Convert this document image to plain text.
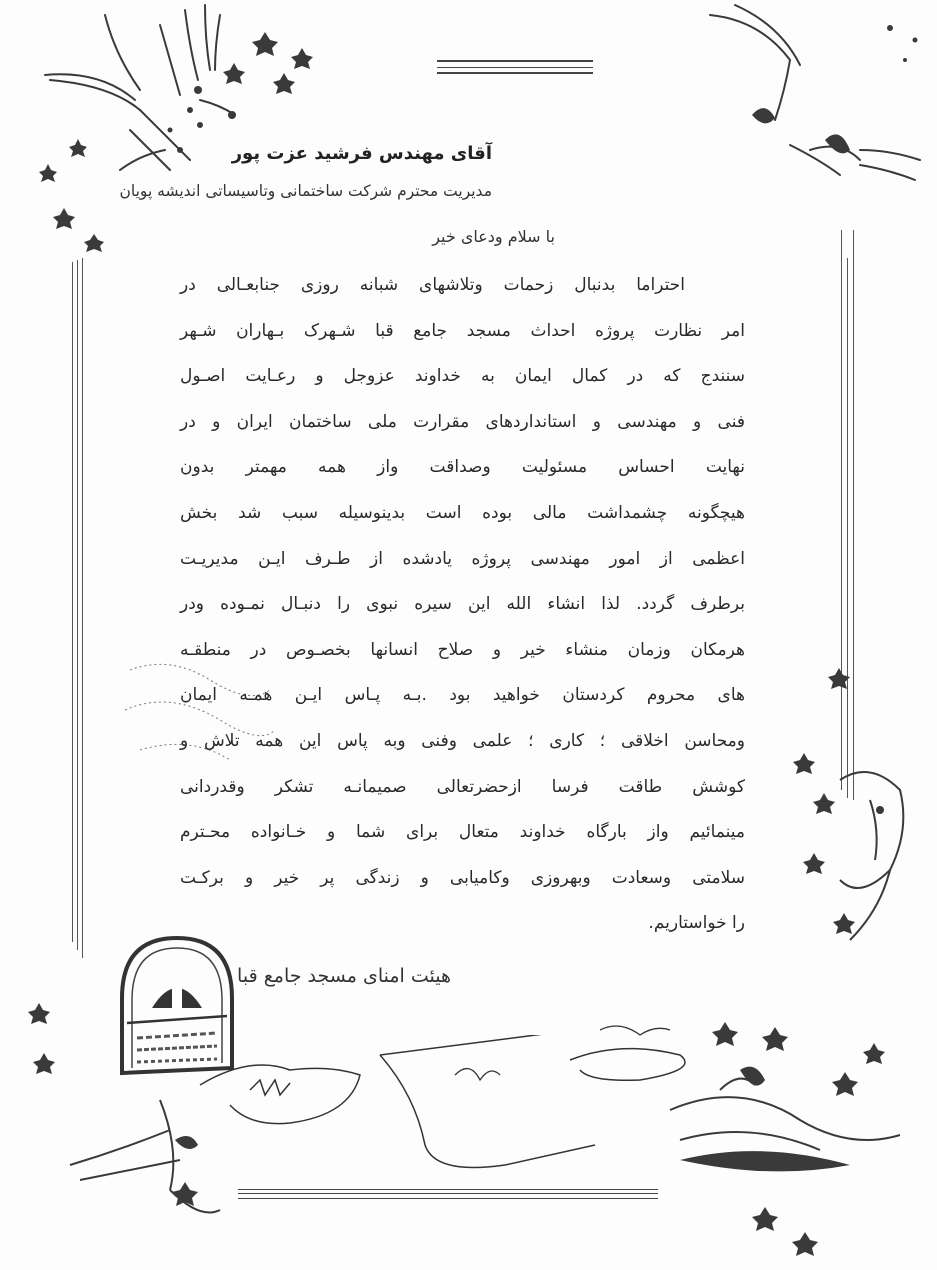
آقای مهندس فرشید عزت پور
مدیریت محترم شرکت ساختمانی وتاسیساتی اندیشه پویان
با سلام ودعای خیر
احتراما بدنبال زحمات وتلاشهای شبانه روزی جنابعـالی در
امر نظارت پروژه احداث مسجد جامع قبا شـهرک بـهاران شـهر
سنندج که در کمال ایمان به خداوند عزوجل و رعـایت اصـول
فنی و مهندسی و استانداردهای مقرارت ملی ساختمان ایران و در
نهایت احساس مسئولیت وصداقت واز همه مهمتر بدون
هیچگونه چشمداشت مالی بوده است بدینوسیله سبب شد بخش
اعظمی از امور مهندسی پروژه یادشده از طـرف ایـن مدیریـت
برطرف گردد. لذا انشاء الله این سیره نبوی را دنبـال نمـوده ودر
هرمکان وزمان منشاء خیر و صلاح انسانها بخصـوص در منطقـه
های محروم کردستان خواهید بود .بـه پـاس ایـن همـه ایمان
ومحاسن اخلاقی ؛ کاری ؛ علمی وفنی وبه پاس این همه تلاش و
کوشش طاقت فرسا ازحضرتعالی صمیمانـه تشکر وقدردانی
مینمائیم واز بارگاه خداوند متعال برای شما و خـانواده محـترم
سلامتی وسعادت وبهروزی وکامیابی و زندگی پر خیر و برکـت
را خواستاریم.
هیئت امنای مسجد جامع قبا
